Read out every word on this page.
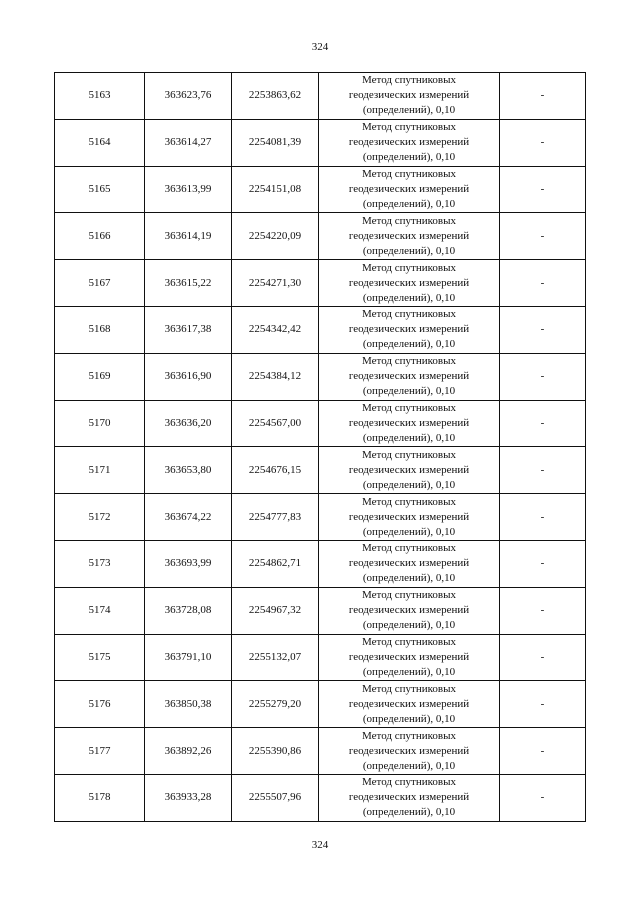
324
5163	363623,76	2253863,62	Метод спутниковых
геодезических измерений
(определений), 0,10	-
5164	363614,27	2254081,39	Метод спутниковых
геодезических измерений
(определений), 0,10	-
5165	363613,99	2254151,08	Метод спутниковых
геодезических измерений
(определений), 0,10	-
5166	363614,19	2254220,09	Метод спутниковых
геодезических измерений
(определений), 0,10	-
5167	363615,22	2254271,30	Метод спутниковых
геодезических измерений
(определений), 0,10	-
5168	363617,38	2254342,42	Метод спутниковых
геодезических измерений
(определений), 0,10	-
5169	363616,90	2254384,12	Метод спутниковых
геодезических измерений
(определений), 0,10	-
5170	363636,20	2254567,00	Метод спутниковых
геодезических измерений
(определений), 0,10	-
5171	363653,80	2254676,15	Метод спутниковых
геодезических измерений
(определений), 0,10	-
5172	363674,22	2254777,83	Метод спутниковых
геодезических измерений
(определений), 0,10	-
5173	363693,99	2254862,71	Метод спутниковых
геодезических измерений
(определений), 0,10	-
5174	363728,08	2254967,32	Метод спутниковых
геодезических измерений
(определений), 0,10	-
5175	363791,10	2255132,07	Метод спутниковых
геодезических измерений
(определений), 0,10	-
5176	363850,38	2255279,20	Метод спутниковых
геодезических измерений
(определений), 0,10	-
5177	363892,26	2255390,86	Метод спутниковых
геодезических измерений
(определений), 0,10	-
5178	363933,28	2255507,96	Метод спутниковых
геодезических измерений
(определений), 0,10	-
324
